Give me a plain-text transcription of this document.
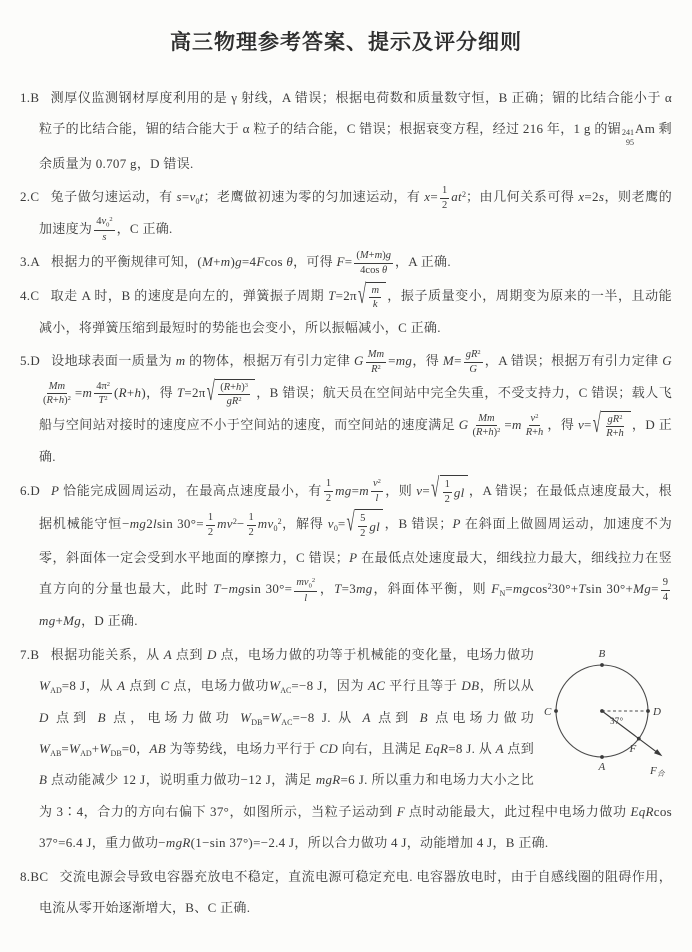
高三物理参考答案、提示及评分细则
1.B 测厚仪监测钢材厚度利用的是 γ 射线，A 错误；根据电荷数和质量数守恒，B 正确；镅的比结合能小于 α 粒子的比结合能，镅的结合能大于 α 粒子的结合能，C 错误；根据衰变方程，经过 216 年，1 g 的镅 241
95
Am 剩余质量为 0.707 g，D 错误.
2.C 兔子做匀速运动，有 $s=v_0t$；老鹰做初速为零的匀加速运动，有 $x= \frac{1}{2} at^2$；由几何关系可得 x=2s，则老鹰的加速度为 $\frac{4v_0^2}{s}$ ，C 正确.
3.A 根据力的平衡规律可知，(M+m)g=4Fcos θ，可得 $F= \frac{(M+m)g}{\text{4cos θ}}$ ，A 正确.
4.C 取走 A 时，B 的速度是向左的，弹簧振子周期 T=2π √ $\frac{m}{k}$ ，振子质量变小，周期变为原来的一半，且动能减小，将弹簧压缩到最短时的势能也会变小，所以振幅减小，C 正确.
5.D 设地球表面一质量为 m 的物体，根据万有引力定律 G $\frac{Mm}{R^2} =mg$，得 $M= \frac{gR^2}{G}$ ，A 错误；根据万有引力定律 G
$\frac{Mm}{(R+h)^2} =m \frac{4\pi^2}{T^2} (R+h)$，得 T=2π √ $\frac{(R+h)^3}{gR^2}$ ，B 错误；航天员在空间站中完全失重，不受支持力，C 错误；载人飞船与空间站对接时的速度应不小于空间站的速度，而空间站的速度满足 G $\frac{Mm}{(R+h)^2} =m \frac{v^2}{R+h}$ ，得 v= √ $\frac{gR^2}{R+h}$ ，D 正确.
6.D P 恰能完成圆周运动，在最高点速度最小，有 $\frac{1}{2} mg=m \frac{v^2}{l}$ ，则 v= √ $\frac{1}{2}$ gl ，A 错误；在最低点速度最大，根据机械能守恒−mg2lsin $30^\circ= \frac{1}{2} mv^2- \frac{1}{2} mv_0^2$，解得 $v_0=$ √ $\frac{5}{2}$ gl ，B 错误；P 在斜面上做圆周运动，加速度不为零，斜面体一定会受到水平地面的摩擦力，C 错误；P 在最低点处速度最大，细线拉力最大，细线拉力在竖直方向的分量也最大，此时 T−mgsin $30^\circ= \frac{mv_0^2}{l}$ ，T=3mg，斜面体平衡，则 $F_N=mgcos^230^\circ+Tsin$ $30^\circ+Mg= \frac{9}{4}$
mg+Mg，D 正确.
B
C	D
A
F
37°
F合
7.B 根据功能关系，从 A 点到 D 点，电场力做的功等于机械能的变化量，电场力做功$W_{AD}=8$ J，从 A 点到 C 点，电场力做功$W_{AC}=-8$ J，因为 AC 平行且等于 DB，所以从 D 点到 B 点，电场力做功 $W_{DB}=W_{AC}=-8$ J. 从 A 点到 B 点电场力做功 $W_{AB}=W_{AD}+W_{DB}=0$，AB 为等势线，电场力平行于 CD 向右，且满足 EqR=8 J. 从 A 点到 B 点动能减少 12 J，说明重力做功−12 J，满足 mgR=6 J. 所以重力和电场力大小之比为 3∶4，合力的方向右偏下 37°，如图所示，当粒子运动到 F 点时动能最大，此过程中电场力做功 EqRcos 37°=6.4 J，重力做功−mgR(1−sin 37°)=−2.4 J，所以合力做功 4 J，动能增加 4 J，B 正确.
8.BC 交流电源会导致电容器充放电不稳定，直流电源可稳定充电. 电容器放电时，由于自感线圈的阻碍作用，电流从零开始逐渐增大，B、C 正确.
